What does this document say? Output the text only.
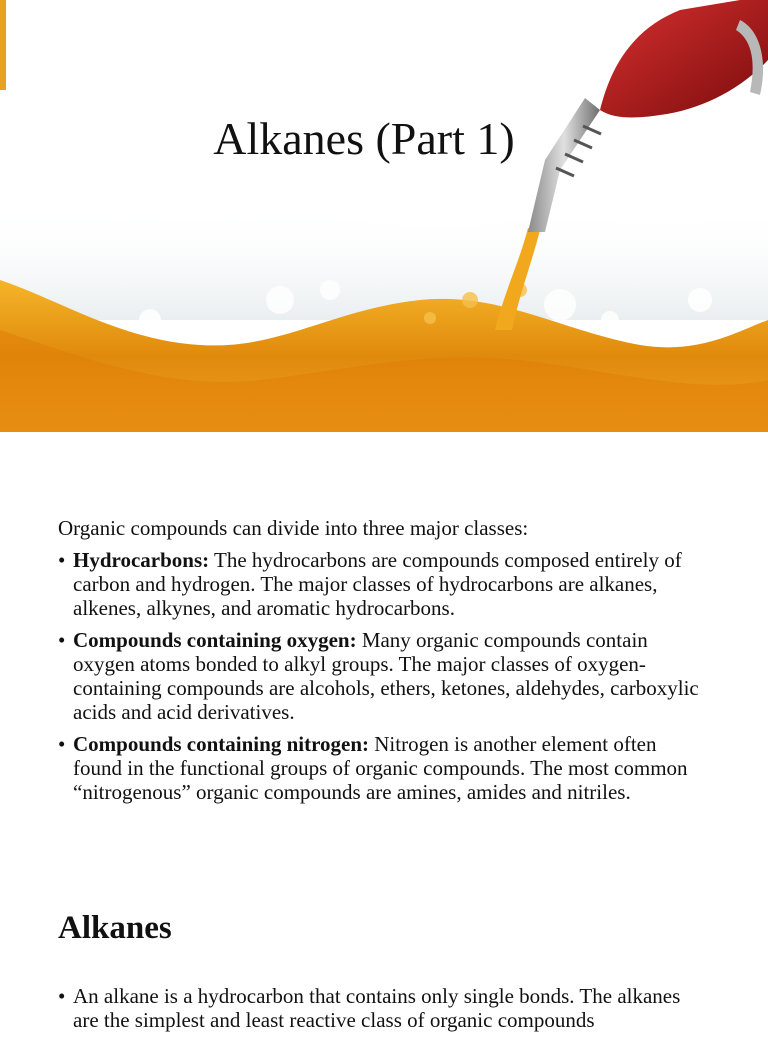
Alkanes (Part 1)

Organic compounds can divide into three major classes:

• Hydrocarbons: The hydrocarbons are compounds composed entirely of carbon and hydrogen. The major classes of hydrocarbons are alkanes, alkenes, alkynes, and aromatic hydrocarbons.
• Compounds containing oxygen: Many organic compounds contain oxygen atoms bonded to alkyl groups. The major classes of oxygen-containing compounds are alcohols, ethers, ketones, aldehydes, carboxylic acids and acid derivatives.
• Compounds containing nitrogen: Nitrogen is another element often found in the functional groups of organic compounds. The most common “nitrogenous” organic compounds are amines, amides and nitriles.
Alkanes
• An alkane is a hydrocarbon that contains only single bonds. The alkanes are the simplest and least reactive class of organic compounds
